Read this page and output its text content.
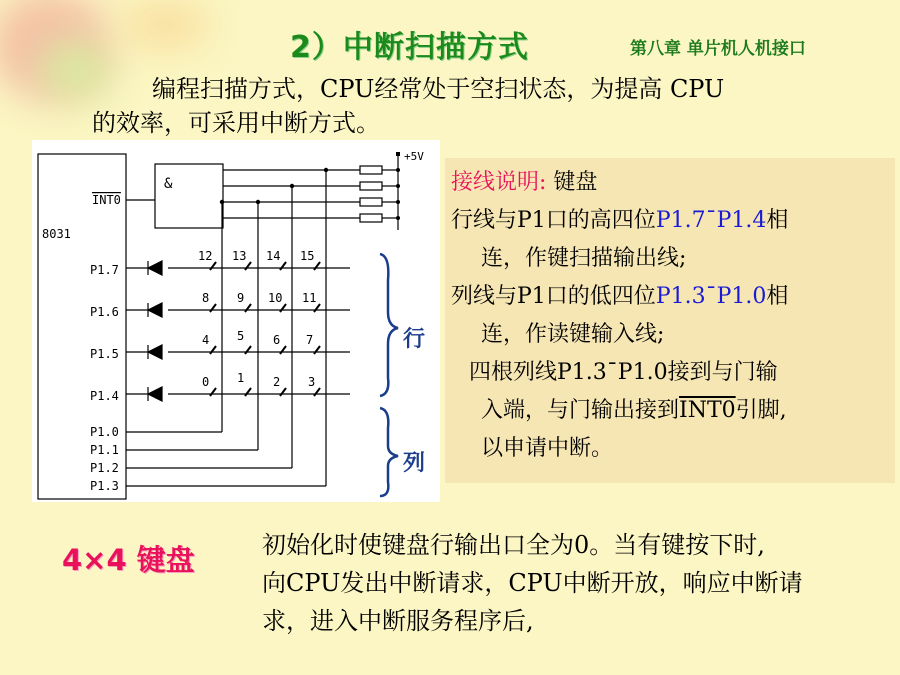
2）中断扫描方式	第八章 单片机人机接口
编程扫描方式，CPU经常处于空扫状态，为提高 CPU
的效率，可采用中断方式。
8031
INT0
&
+5V
P1.7
P1.6
P1.5
P1.4
P1.0
P1.1
P1.2
P1.3
12 13 14 15
8 9 10 11
4 5 6 7
0 1 2 3
行
列
接线说明: 键盘
行线与P1口的高四位P1.7¯P1.4相
连，作键扫描输出线;
列线与P1口的低四位P1.3¯P1.0相
连，作读键输入线;
四根列线P1.3¯P1.0接到与门输
入端，与门输出接到INT0引脚,
以申请中断。
4×4 键盘	初始化时使键盘行输出口全为0。当有键按下时,
向CPU发出中断请求，CPU中断开放，响应中断请
求，进入中断服务程序后,
